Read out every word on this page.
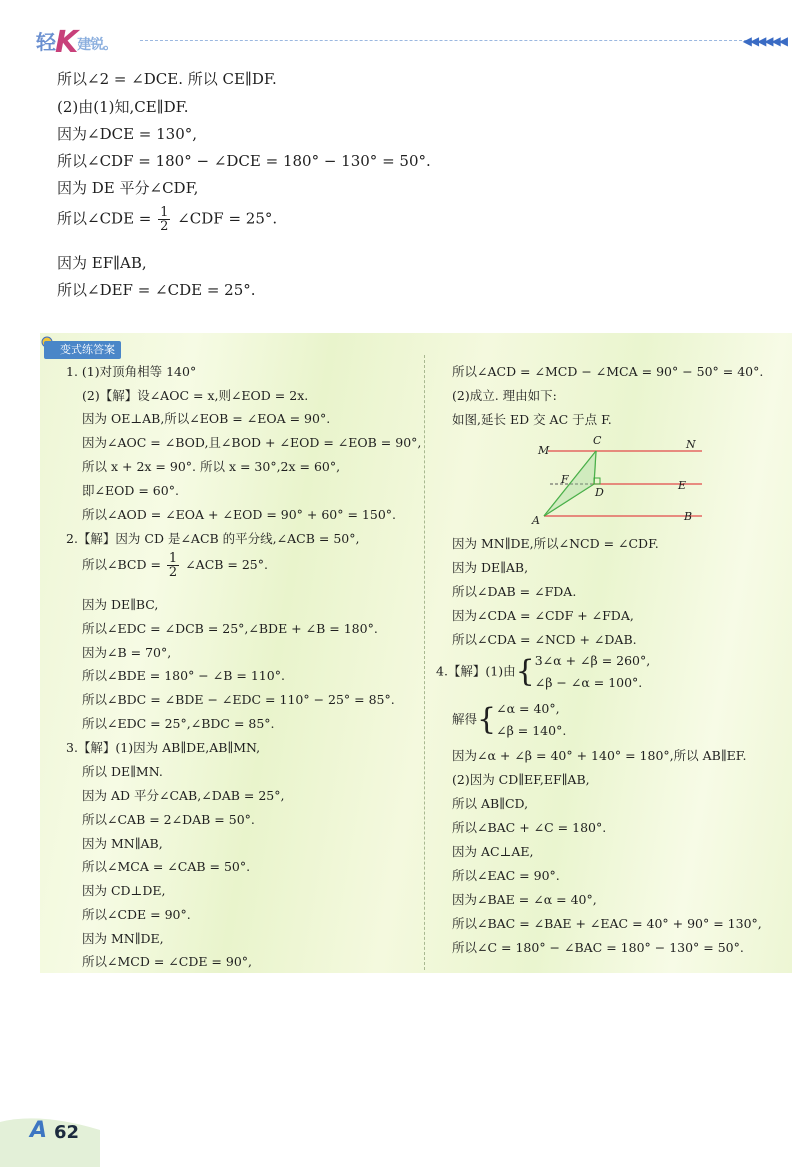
轻K建锐。	◀◀◀◀◀◀
所以∠2 = ∠DCE. 所以 CE∥DF.
(2)由(1)知,CE∥DF.
因为∠DCE = 130°,
所以∠CDF = 180° − ∠DCE = 180° − 130° = 50°.
因为 DE 平分∠CDF,
所以∠CDE = $\frac{1}{2}$ ∠CDF = 25°.
因为 EF∥AB,
所以∠DEF = ∠CDE = 25°.
变式练答案
1. (1)对顶角相等 140°
(2)【解】设∠AOC = x,则∠EOD = 2x.
因为 OE⊥AB,所以∠EOB = ∠EOA = 90°.
因为∠AOC = ∠BOD,且∠BOD + ∠EOD = ∠EOB = 90°,
所以 x + 2x = 90°. 所以 x = 30°,2x = 60°,
即∠EOD = 60°.
所以∠AOD = ∠EOA + ∠EOD = 90° + 60° = 150°.
2.【解】因为 CD 是∠ACB 的平分线,∠ACB = 50°,
所以∠BCD = $\frac{1}{2}$ ∠ACB = 25°.
因为 DE∥BC,
所以∠EDC = ∠DCB = 25°,∠BDE + ∠B = 180°.
因为∠B = 70°,
所以∠BDE = 180° − ∠B = 110°.
所以∠BDC = ∠BDE − ∠EDC = 110° − 25° = 85°.
所以∠EDC = 25°,∠BDC = 85°.
3.【解】(1)因为 AB∥DE,AB∥MN,
所以 DE∥MN.
因为 AD 平分∠CAB,∠DAB = 25°,
所以∠CAB = 2∠DAB = 50°.
因为 MN∥AB,
所以∠MCA = ∠CAB = 50°.
因为 CD⊥DE,
所以∠CDE = 90°.
因为 MN∥DE,
所以∠MCD = ∠CDE = 90°,
所以∠ACD = ∠MCD − ∠MCA = 90° − 50° = 40°.
(2)成立. 理由如下:
如图,延长 ED 交 AC 于点 F.
M
C	N
F
D
E
A	B
因为 MN∥DE,所以∠NCD = ∠CDF.
因为 DE∥AB,
所以∠DAB = ∠FDA.
因为∠CDA = ∠CDF + ∠FDA,
所以∠CDA = ∠NCD + ∠DAB.
4.【解】(1)由{ 3∠α + ∠β = 260°,
∠β − ∠α = 100°.
解得{ ∠α = 40°,
∠β = 140°.
因为∠α + ∠β = 40° + 140° = 180°,所以 AB∥EF.
(2)因为 CD∥EF,EF∥AB,
所以 AB∥CD,
所以∠BAC + ∠C = 180°.
因为 AC⊥AE,
所以∠EAC = 90°.
因为∠BAE = ∠α = 40°,
所以∠BAC = ∠BAE + ∠EAC = 40° + 90° = 130°,
所以∠C = 180° − ∠BAC = 180° − 130° = 50°.
A 62
